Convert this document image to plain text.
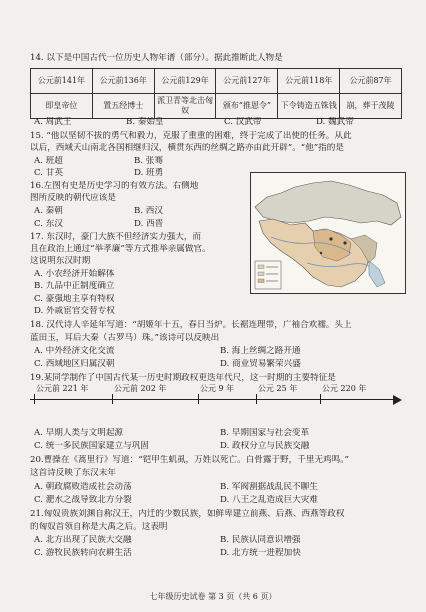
14. 以下是中国古代一位历史人物年谱（部分）。据此推断此人物是
公元前141年	公元前136年	公元前129年	公元前127年	公元前118年	公元前87年
即皇帝位	置五经博士	派卫青等北击匈奴	颁布“推恩令”	下令铸造五铢钱	崩，葬于茂陵
A. 周武王	B. 秦始皇	C. 汉武帝	D. 魏武帝
15. “他以坚韧不拔的勇气和毅力，克服了重重的困难，终于完成了出使的任务。从此
以后，西域天山南北各国相继归汉，横贯东西的丝绸之路亦由此开辟”。“他”指的是
A. 班超	B. 张骞
C. 甘英	D. 班勇
16.左图有史是历史学习的有效方法。右侧地
图所反映的朝代应该是
A. 秦朝	B. 西汉
C. 东汉	D. 西晋
17. 东汉时，豪门大族不但经济实力强大，而
且在政治上通过“举孝廉”等方式推举亲属做官。
这说明东汉时期
A. 小农经济开始解体
B. 九品中正制度确立
C. 豪强地主享有特权
D. 外戚宦官交替专权
18. 汉代诗人辛延年写道：“胡姬年十五，春日当炉。长裾连理带，广袖合欢襦。头上
蓝田玉，耳后大秦（古罗马）珠。”该诗可以反映出
A. 中外经济文化交流	B. 海上丝绸之路开通
C. 西域地区归属汉朝	D. 商业贸易繁荣兴盛
19.某同学制作了中国古代某一历史时期政权更迭年代尺，这一时期的主要特征是
公元前 221 年	公元前 202 年	公元 9 年	公元 25 年	公元 220 年
A. 早期人类与文明起源	B. 早期国家与社会变革
C. 统一多民族国家建立与巩固	D. 政权分立与民族交融
20.曹操在《蒿里行》写道：“铠甲生虮虱，万姓以死亡。白骨露于野，千里无鸡鸣。”
这首诗反映了东汉末年
A. 朝政腐败造成社会动荡	B. 军阀割据战乱民不聊生
C. 淝水之战导致北方分裂	D. 八王之乱造成巨大灾难
21.匈奴贵族刘渊自称汉王，内迁的少数民族，如鲜卑建立前燕、后燕、西燕等政权
的匈奴首领自称是大禹之后。这表明
A. 北方出现了民族大交融	B. 民族认同意识增强
C. 游牧民族转向农耕生活	D. 北方统一进程加快
七年级历史试卷 第 3 页（共 6 页）
